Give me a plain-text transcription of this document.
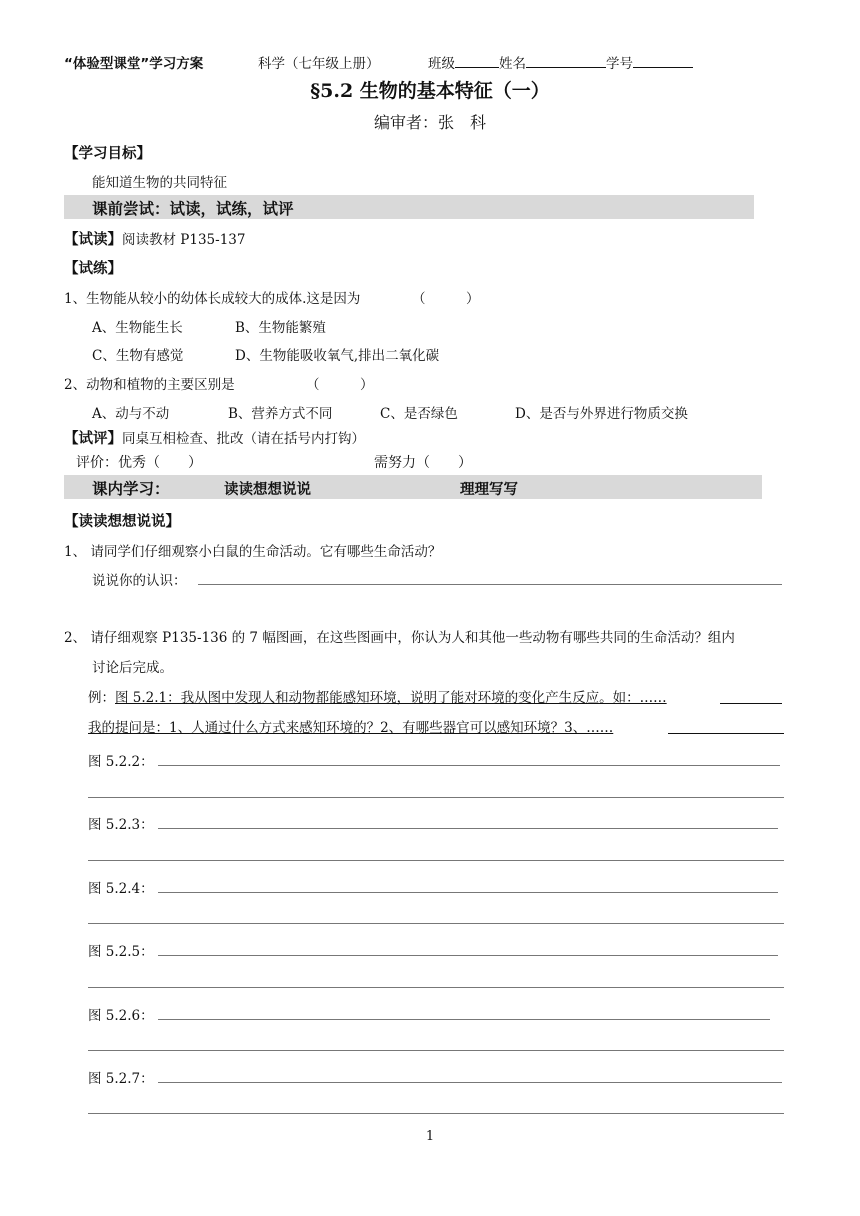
“体验型课堂”学习方案	科学（七年级上册）	班级	姓名	学号
§5.2 生物的基本特征（一）
编审者：张　科
【学习目标】
能知道生物的共同特征
课前尝试：试读，试练，试评
【试读】阅读教材 P135-137
【试练】
1、生物能从较小的幼体长成较大的成体.这是因为	（　　　）
A、生物能生长	B、生物能繁殖
C、生物有感觉	D、生物能吸收氧气,排出二氧化碳
2、动物和植物的主要区别是	（　　　）
A、动与不动	B、营养方式不同	C、是否绿色	D、是否与外界进行物质交换
【试评】同桌互相检查、批改（请在括号内打钩）
评价：优秀（　　）	需努力（　　）
课内学习：	读读想想说说	理理写写
【读读想想说说】
1、 请同学们仔细观察小白鼠的生命活动。它有哪些生命活动？
说说你的认识：
2、 请仔细观察 P135-136 的 7 幅图画，在这些图画中，你认为人和其他一些动物有哪些共同的生命活动？组内
讨论后完成。
例：图 5.2.1：我从图中发现人和动物都能感知环境，说明了能对环境的变化产生反应。如：……
我的提问是：1、人通过什么方式来感知环境的？2、有哪些器官可以感知环境？3、……
图 5.2.2：
图 5.2.3：
图 5.2.4：
图 5.2.5：
图 5.2.6：
图 5.2.7：
1
